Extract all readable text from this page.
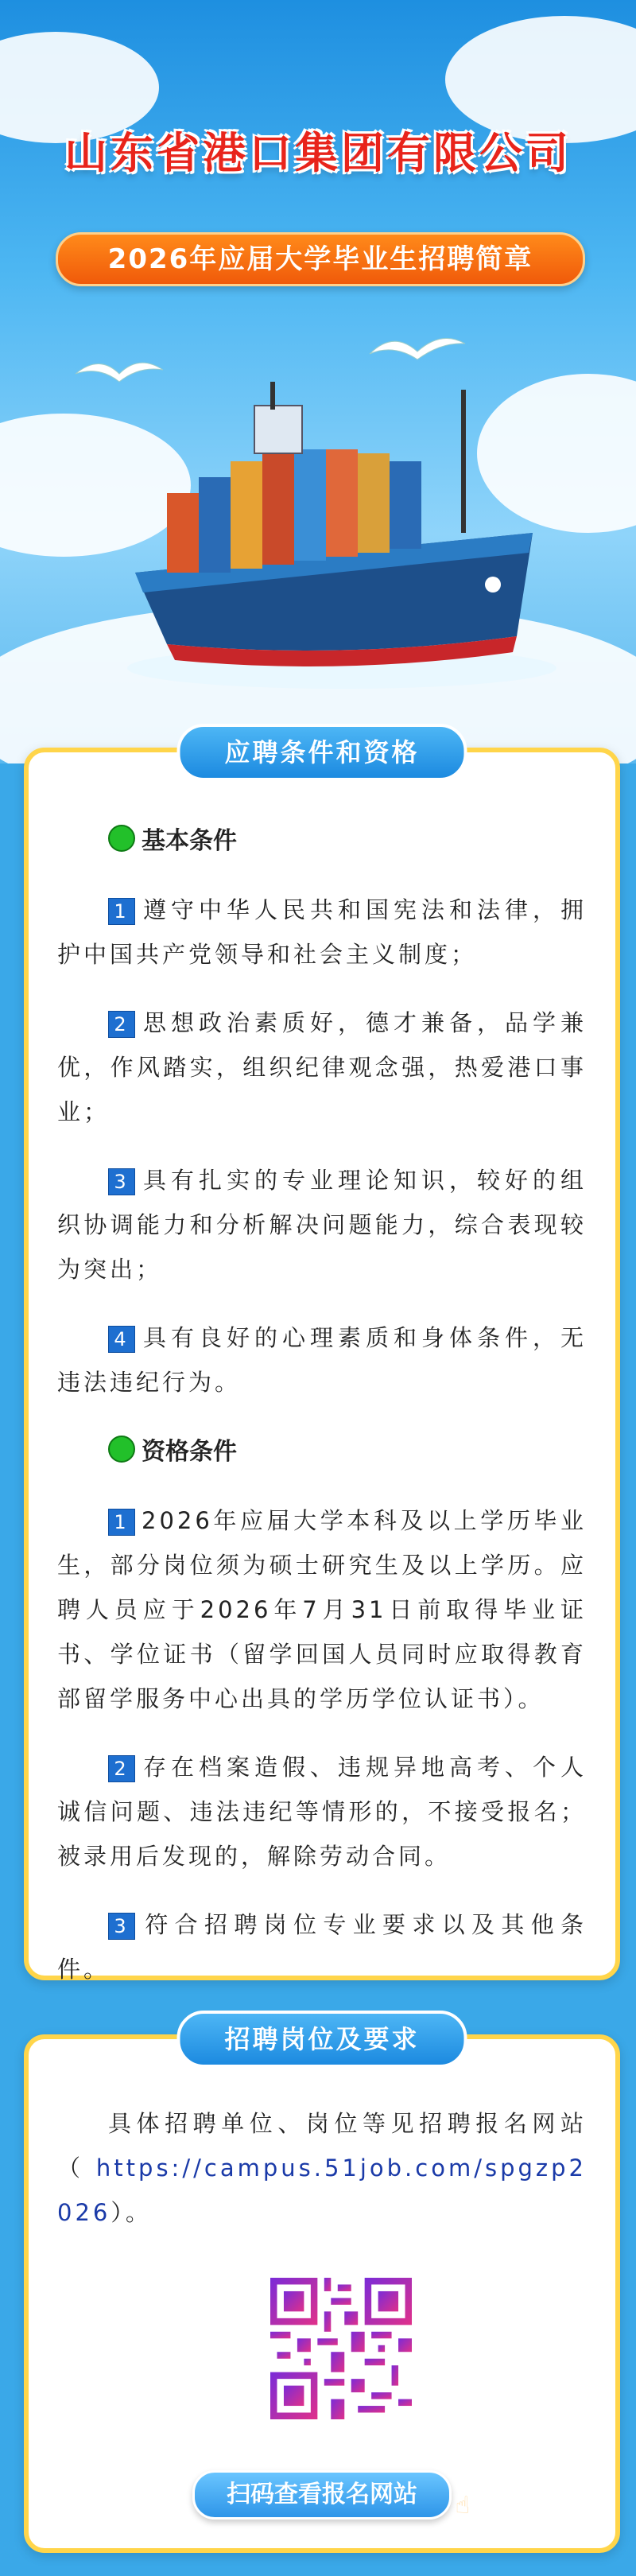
山东省港口集团有限公司
2026年应届大学毕业生招聘简章
应聘条件和资格
基本条件

1 遵守中华人民共和国宪法和法律，拥护中国共产党领导和社会主义制度；

2 思想政治素质好，德才兼备，品学兼优，作风踏实，组织纪律观念强，热爱港口事业；

3 具有扎实的专业理论知识，较好的组织协调能力和分析解决问题能力，综合表现较为突出；

4 具有良好的心理素质和身体条件，无违法违纪行为。

资格条件

1 2026年应届大学本科及以上学历毕业生，部分岗位须为硕士研究生及以上学历。应聘人员应于2026年7月31日前取得毕业证书、学位证书（留学回国人员同时应取得教育部留学服务中心出具的学历学位认证书）。

2 存在档案造假、违规异地高考、个人诚信问题、违法违纪等情形的，不接受报名；被录用后发现的，解除劳动合同。

3 符合招聘岗位专业要求以及其他条件。

招聘岗位及要求

具体招聘单位、岗位等见招聘报名网站（https://campus.51job.com/spgzp2026）。

扫码查看报名网站 ☝
